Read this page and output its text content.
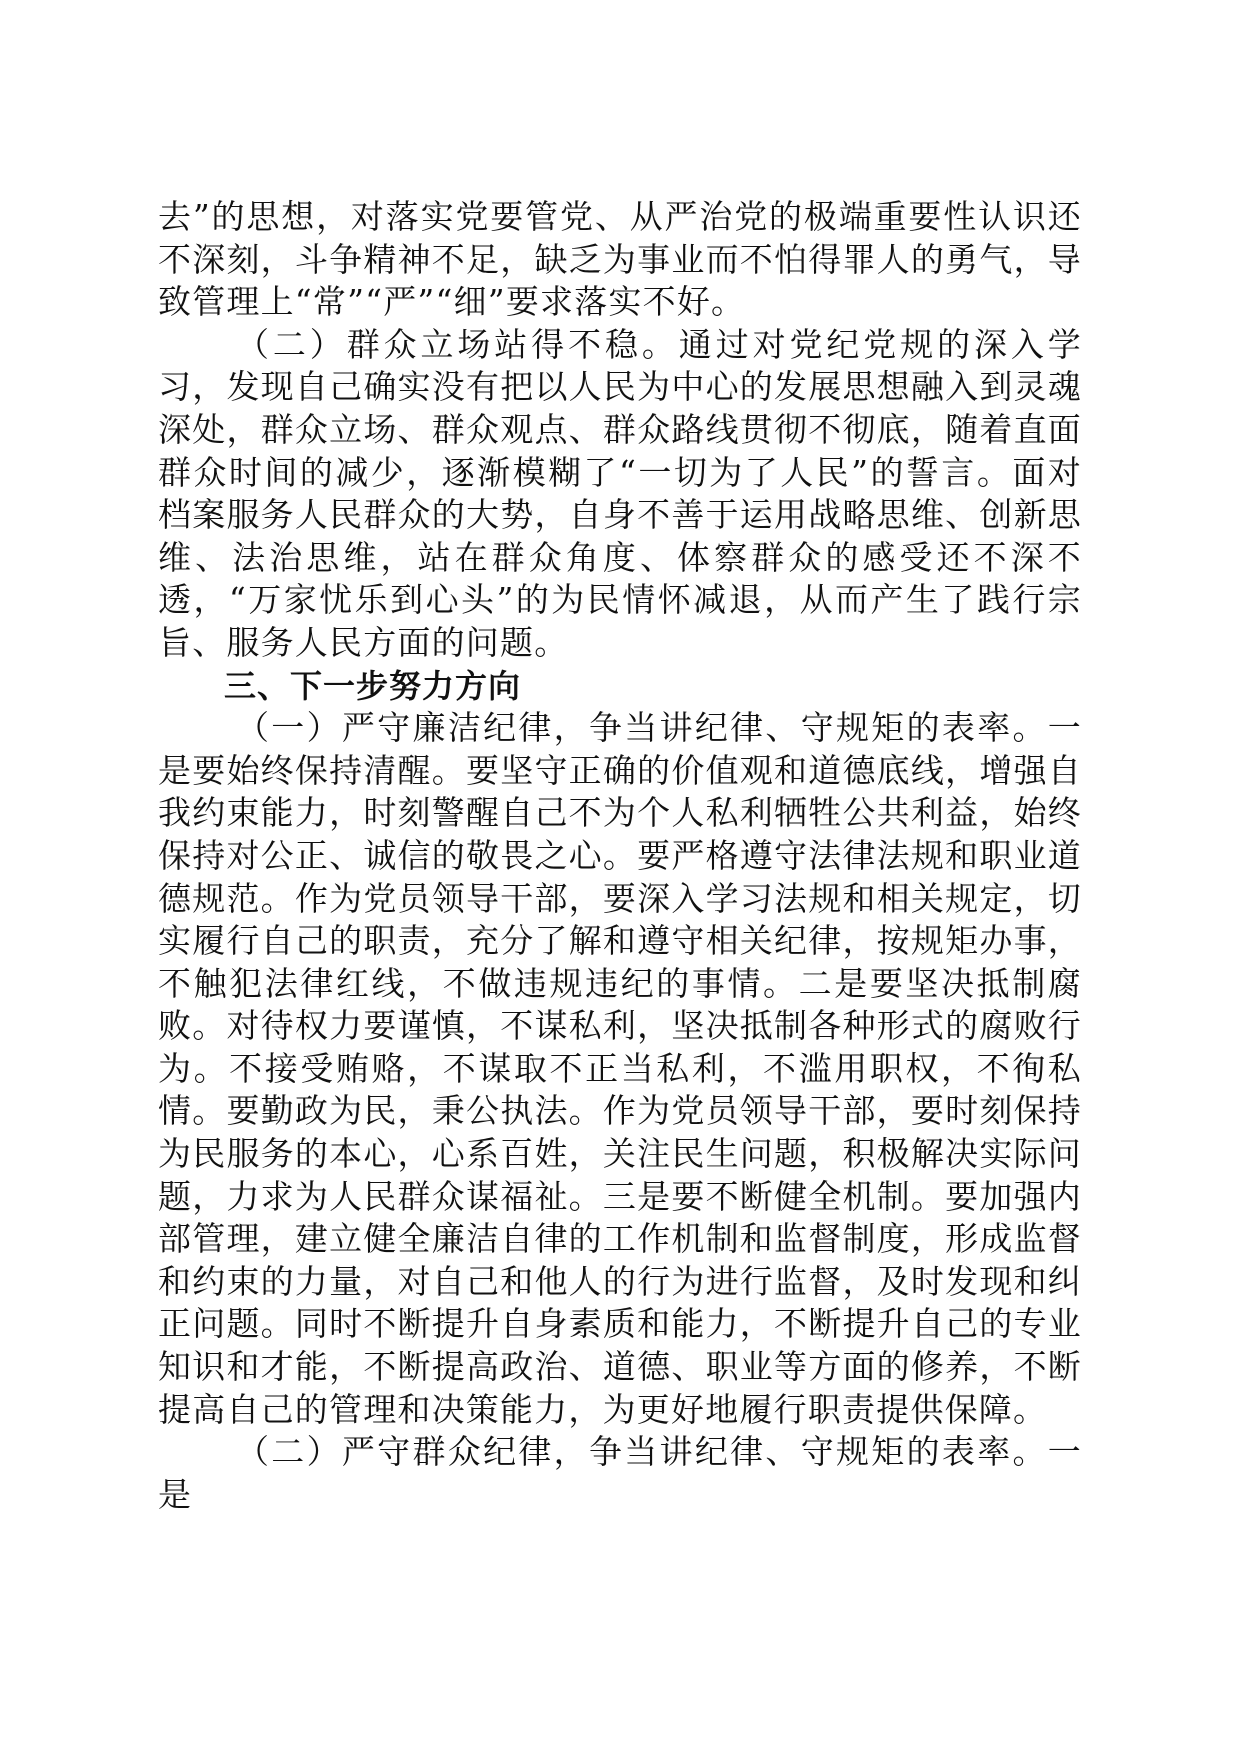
去”的思想，对落实党要管党、从严治党的极端重要性认识还不深刻，斗争精神不足，缺乏为事业而不怕得罪人的勇气，导致管理上“常”“严”“细”要求落实不好。

（二）群众立场站得不稳。通过对党纪党规的深入学习，发现自己确实没有把以人民为中心的发展思想融入到灵魂深处，群众立场、群众观点、群众路线贯彻不彻底，随着直面群众时间的减少，逐渐模糊了“一切为了人民”的誓言。面对档案服务人民群众的大势，自身不善于运用战略思维、创新思维、法治思维，站在群众角度、体察群众的感受还不深不透，“万家忧乐到心头”的为民情怀减退，从而产生了践行宗旨、服务人民方面的问题。

三、下一步努力方向

（一）严守廉洁纪律，争当讲纪律、守规矩的表率。一是要始终保持清醒。要坚守正确的价值观和道德底线，增强自我约束能力，时刻警醒自己不为个人私利牺牲公共利益，始终保持对公正、诚信的敬畏之心。要严格遵守法律法规和职业道德规范。作为党员领导干部，要深入学习法规和相关规定，切实履行自己的职责，充分了解和遵守相关纪律，按规矩办事，不触犯法律红线，不做违规违纪的事情。二是要坚决抵制腐败。对待权力要谨慎，不谋私利，坚决抵制各种形式的腐败行为。不接受贿赂，不谋取不正当私利，不滥用职权，不徇私情。要勤政为民，秉公执法。作为党员领导干部，要时刻保持为民服务的本心，心系百姓，关注民生问题，积极解决实际问题，力求为人民群众谋福祉。三是要不断健全机制。要加强内部管理，建立健全廉洁自律的工作机制和监督制度，形成监督和约束的力量，对自己和他人的行为进行监督，及时发现和纠正问题。同时不断提升自身素质和能力，不断提升自己的专业知识和才能，不断提高政治、道德、职业等方面的修养，不断提高自己的管理和决策能力，为更好地履行职责提供保障。

（二）严守群众纪律，争当讲纪律、守规矩的表率。一是
